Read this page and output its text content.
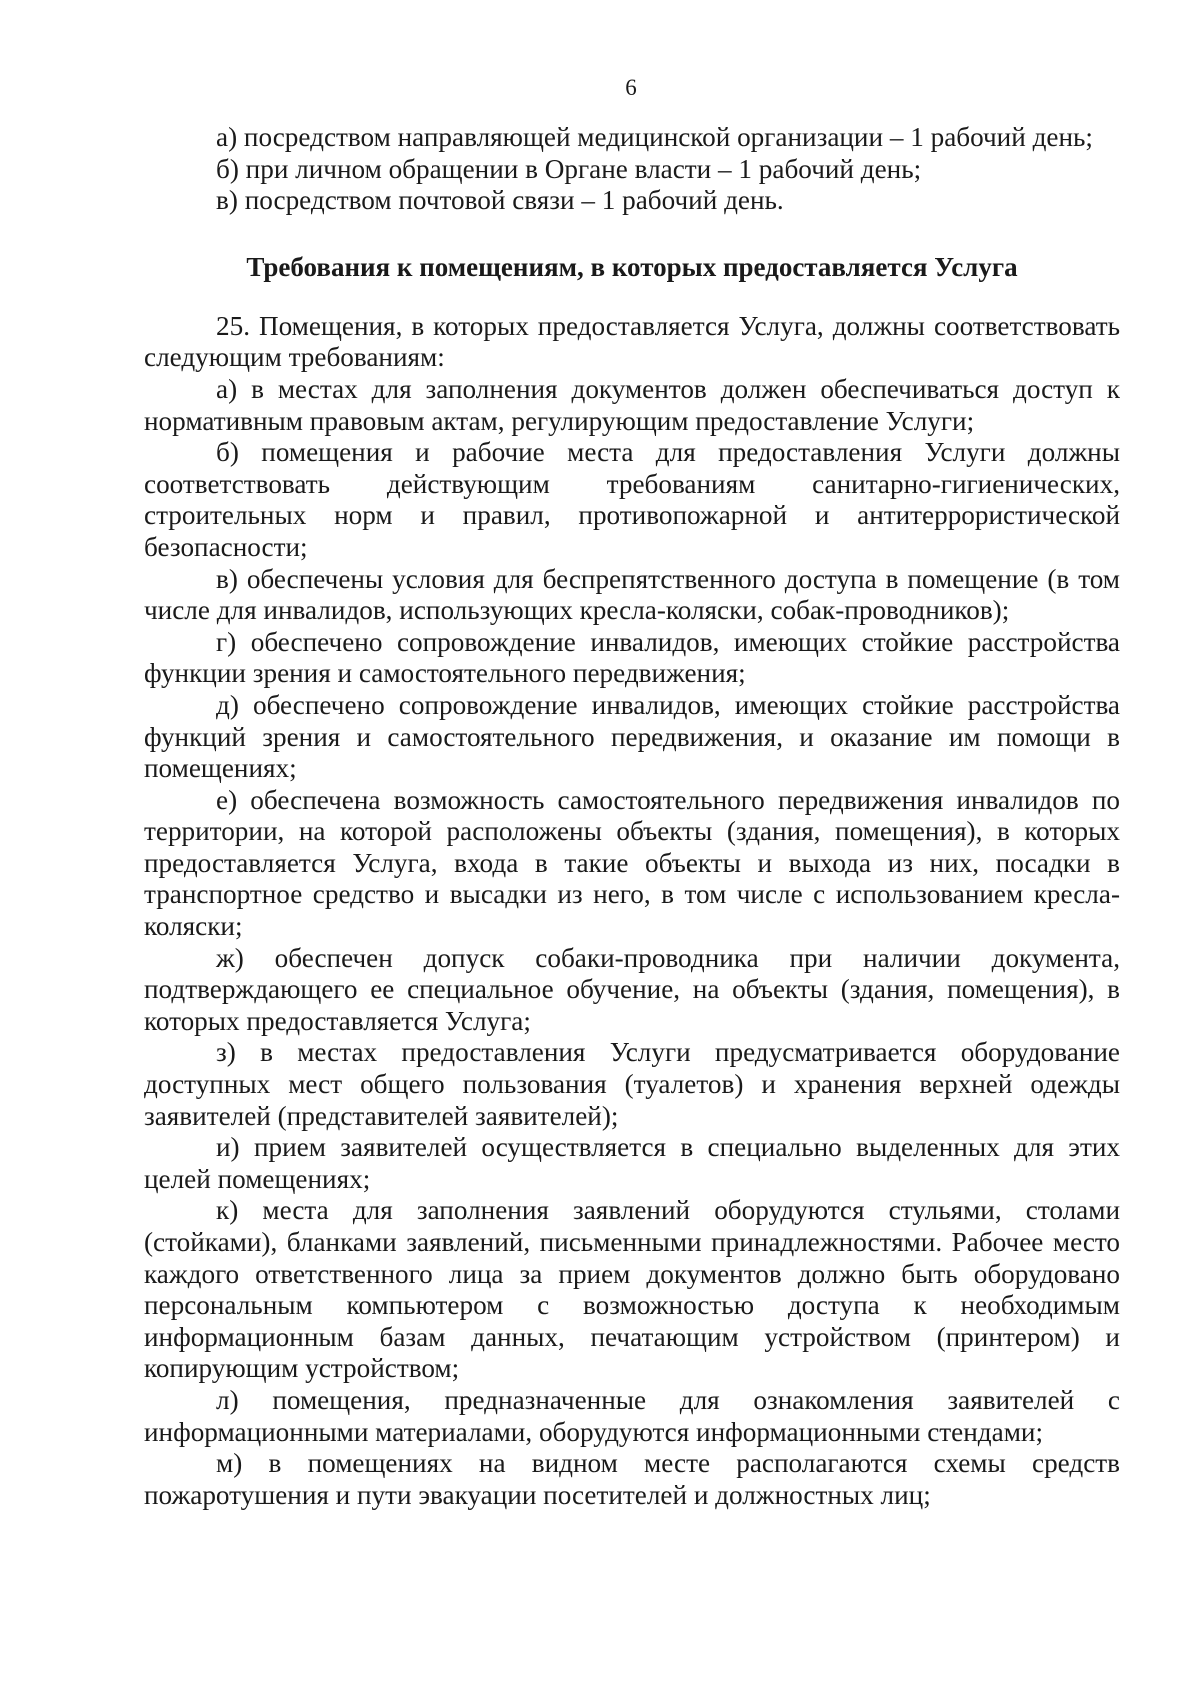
6

а) посредством направляющей медицинской организации – 1 рабочий день;

б) при личном обращении в Органе власти – 1 рабочий день;

в) посредством почтовой связи – 1 рабочий день.

Требования к помещениям, в которых предоставляется Услуга

25. Помещения, в которых предоставляется Услуга, должны соответствовать следующим требованиям:

а) в местах для заполнения документов должен обеспечиваться доступ к нормативным правовым актам, регулирующим предоставление Услуги;

б) помещения и рабочие места для предоставления Услуги должны соответствовать действующим требованиям санитарно-гигиенических, строительных норм и правил, противопожарной и антитеррористической безопасности;

в) обеспечены условия для беспрепятственного доступа в помещение (в том числе для инвалидов, использующих кресла-коляски, собак-проводников);

г) обеспечено сопровождение инвалидов, имеющих стойкие расстройства функции зрения и самостоятельного передвижения;

д) обеспечено сопровождение инвалидов, имеющих стойкие расстройства функций зрения и самостоятельного передвижения, и оказание им помощи в помещениях;

е) обеспечена возможность самостоятельного передвижения инвалидов по территории, на которой расположены объекты (здания, помещения), в которых предоставляется Услуга, входа в такие объекты и выхода из них, посадки в транспортное средство и высадки из него, в том числе с использованием кресла-коляски;

ж) обеспечен допуск собаки-проводника при наличии документа, подтверждающего ее специальное обучение, на объекты (здания, помещения), в которых предоставляется Услуга;

з) в местах предоставления Услуги предусматривается оборудование доступных мест общего пользования (туалетов) и хранения верхней одежды заявителей (представителей заявителей);

и) прием заявителей осуществляется в специально выделенных для этих целей помещениях;

к) места для заполнения заявлений оборудуются стульями, столами (стойками), бланками заявлений, письменными принадлежностями. Рабочее место каждого ответственного лица за прием документов должно быть оборудовано персональным компьютером с возможностью доступа к необходимым информационным базам данных, печатающим устройством (принтером) и копирующим устройством;

л) помещения, предназначенные для ознакомления заявителей с информационными материалами, оборудуются информационными стендами;

м) в помещениях на видном месте располагаются схемы средств пожаротушения и пути эвакуации посетителей и должностных лиц;
